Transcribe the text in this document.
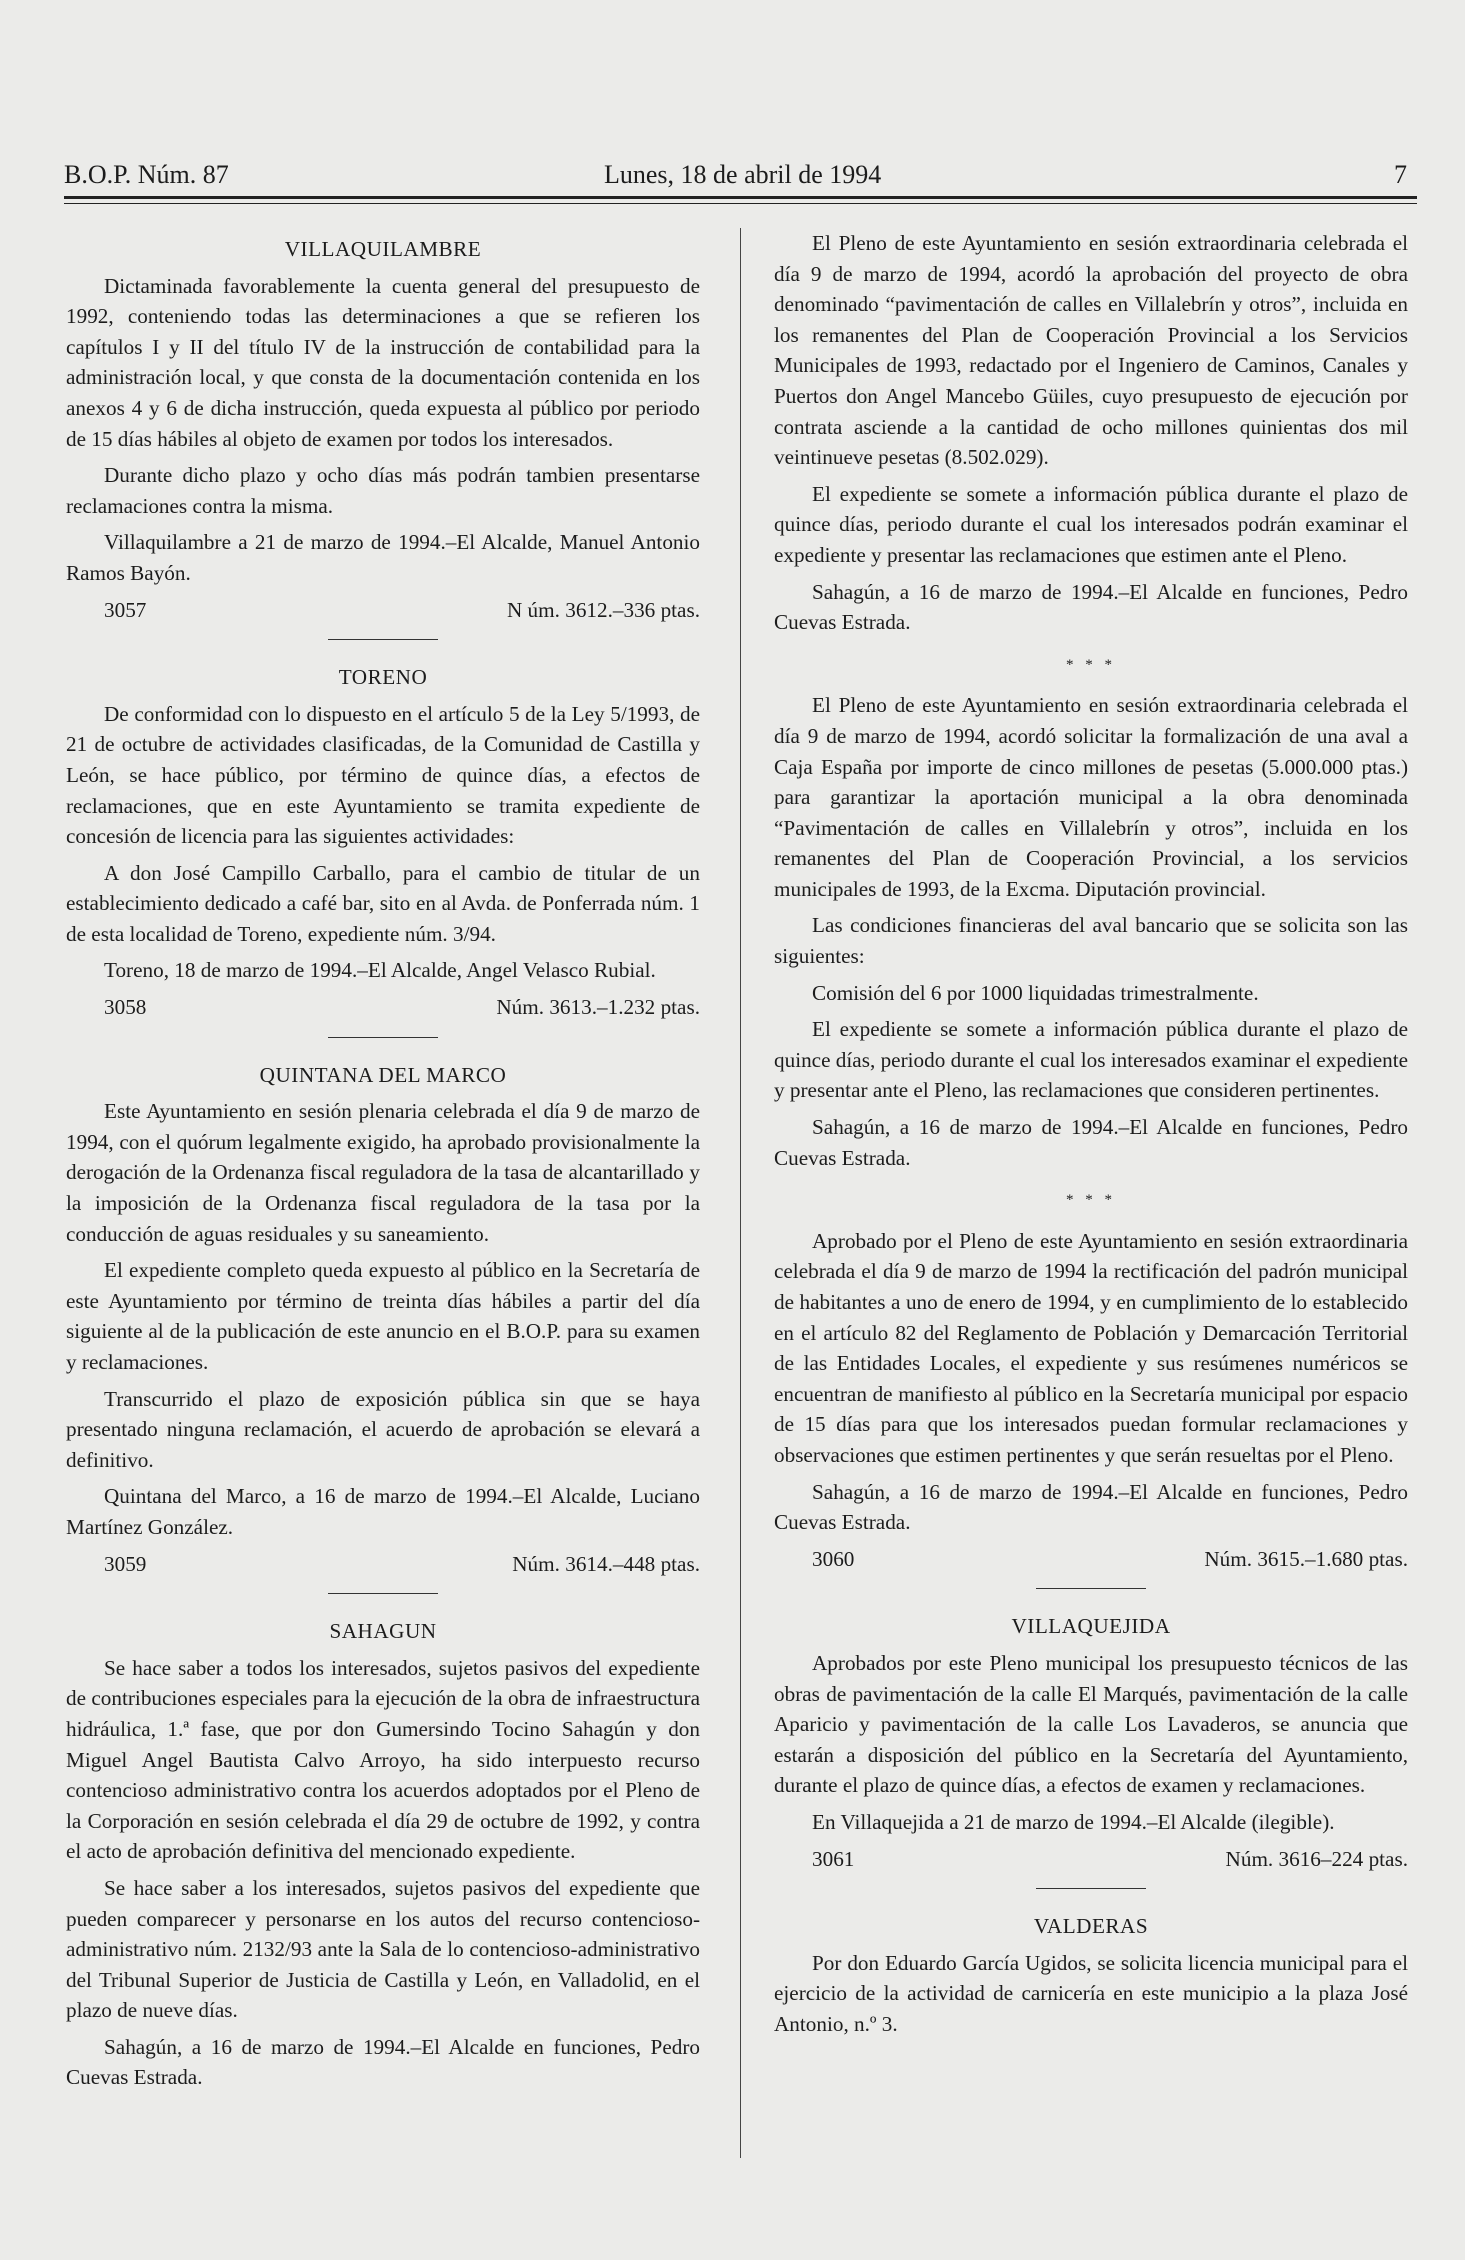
B.O.P. Núm. 87	Lunes, 18 de abril de 1994	7
VILLAQUILAMBRE

Dictaminada favorablemente la cuenta general del presupuesto de 1992, conteniendo todas las determinaciones a que se refieren los capítulos I y II del título IV de la instrucción de contabilidad para la administración local, y que consta de la documentación contenida en los anexos 4 y 6 de dicha instrucción, queda expuesta al público por periodo de 15 días hábiles al objeto de examen por todos los interesados.

Durante dicho plazo y ocho días más podrán tambien presentarse reclamaciones contra la misma.

Villaquilambre a 21 de marzo de 1994.–El Alcalde, Manuel Antonio Ramos Bayón.

3057	N úm. 3612.–336 ptas.
TORENO

De conformidad con lo dispuesto en el artículo 5 de la Ley 5/1993, de 21 de octubre de actividades clasificadas, de la Comunidad de Castilla y León, se hace público, por término de quince días, a efectos de reclamaciones, que en este Ayuntamiento se tramita expediente de concesión de licencia para las siguientes actividades:

A don José Campillo Carballo, para el cambio de titular de un establecimiento dedicado a café bar, sito en al Avda. de Ponferrada núm. 1 de esta localidad de Toreno, expediente núm. 3/94.

Toreno, 18 de marzo de 1994.–El Alcalde, Angel Velasco Rubial.

3058	Núm. 3613.–1.232 ptas.
QUINTANA DEL MARCO

Este Ayuntamiento en sesión plenaria celebrada el día 9 de marzo de 1994, con el quórum legalmente exigido, ha aprobado provisionalmente la derogación de la Ordenanza fiscal reguladora de la tasa de alcantarillado y la imposición de la Ordenanza fiscal reguladora de la tasa por la conducción de aguas residuales y su saneamiento.

El expediente completo queda expuesto al público en la Secretaría de este Ayuntamiento por término de treinta días hábiles a partir del día siguiente al de la publicación de este anuncio en el B.O.P. para su examen y reclamaciones.

Transcurrido el plazo de exposición pública sin que se haya presentado ninguna reclamación, el acuerdo de aprobación se elevará a definitivo.

Quintana del Marco, a 16 de marzo de 1994.–El Alcalde, Luciano Martínez González.

3059	Núm. 3614.–448 ptas.
SAHAGUN

Se hace saber a todos los interesados, sujetos pasivos del expediente de contribuciones especiales para la ejecución de la obra de infraestructura hidráulica, 1.ª fase, que por don Gumersindo Tocino Sahagún y don Miguel Angel Bautista Calvo Arroyo, ha sido interpuesto recurso contencioso administrativo contra los acuerdos adoptados por el Pleno de la Corporación en sesión celebrada el día 29 de octubre de 1992, y contra el acto de aprobación definitiva del mencionado expediente.

Se hace saber a los interesados, sujetos pasivos del expediente que pueden comparecer y personarse en los autos del recurso contencioso-administrativo núm. 2132/93 ante la Sala de lo contencioso-administrativo del Tribunal Superior de Justicia de Castilla y León, en Valladolid, en el plazo de nueve días.

Sahagún, a 16 de marzo de 1994.–El Alcalde en funciones, Pedro Cuevas Estrada.

El Pleno de este Ayuntamiento en sesión extraordinaria celebrada el día 9 de marzo de 1994, acordó la aprobación del proyecto de obra denominado “pavimentación de calles en Villalebrín y otros”, incluida en los remanentes del Plan de Cooperación Provincial a los Servicios Municipales de 1993, redactado por el Ingeniero de Caminos, Canales y Puertos don Angel Mancebo Güiles, cuyo presupuesto de ejecución por contrata asciende a la cantidad de ocho millones quinientas dos mil veintinueve pesetas (8.502.029).

El expediente se somete a información pública durante el plazo de quince días, periodo durante el cual los interesados podrán examinar el expediente y presentar las reclamaciones que estimen ante el Pleno.

Sahagún, a 16 de marzo de 1994.–El Alcalde en funciones, Pedro Cuevas Estrada.

* * *

El Pleno de este Ayuntamiento en sesión extraordinaria celebrada el día 9 de marzo de 1994, acordó solicitar la formalización de una aval a Caja España por importe de cinco millones de pesetas (5.000.000 ptas.) para garantizar la aportación municipal a la obra denominada “Pavimentación de calles en Villalebrín y otros”, incluida en los remanentes del Plan de Cooperación Provincial, a los servicios municipales de 1993, de la Excma. Diputación provincial.

Las condiciones financieras del aval bancario que se solicita son las siguientes:

Comisión del 6 por 1000 liquidadas trimestralmente.

El expediente se somete a información pública durante el plazo de quince días, periodo durante el cual los interesados examinar el expediente y presentar ante el Pleno, las reclamaciones que consideren pertinentes.

Sahagún, a 16 de marzo de 1994.–El Alcalde en funciones, Pedro Cuevas Estrada.

* * *

Aprobado por el Pleno de este Ayuntamiento en sesión extraordinaria celebrada el día 9 de marzo de 1994 la rectificación del padrón municipal de habitantes a uno de enero de 1994, y en cumplimiento de lo establecido en el artículo 82 del Reglamento de Población y Demarcación Territorial de las Entidades Locales, el expediente y sus resúmenes numéricos se encuentran de manifiesto al público en la Secretaría municipal por espacio de 15 días para que los interesados puedan formular reclamaciones y observaciones que estimen pertinentes y que serán resueltas por el Pleno.

Sahagún, a 16 de marzo de 1994.–El Alcalde en funciones, Pedro Cuevas Estrada.

3060	Núm. 3615.–1.680 ptas.
VILLAQUEJIDA

Aprobados por este Pleno municipal los presupuesto técnicos de las obras de pavimentación de la calle El Marqués, pavimentación de la calle Aparicio y pavimentación de la calle Los Lavaderos, se anuncia que estarán a disposición del público en la Secretaría del Ayuntamiento, durante el plazo de quince días, a efectos de examen y reclamaciones.

En Villaquejida a 21 de marzo de 1994.–El Alcalde (ilegible).

3061	Núm. 3616–224 ptas.
VALDERAS

Por don Eduardo García Ugidos, se solicita licencia municipal para el ejercicio de la actividad de carnicería en este municipio a la plaza José Antonio, n.º 3.
